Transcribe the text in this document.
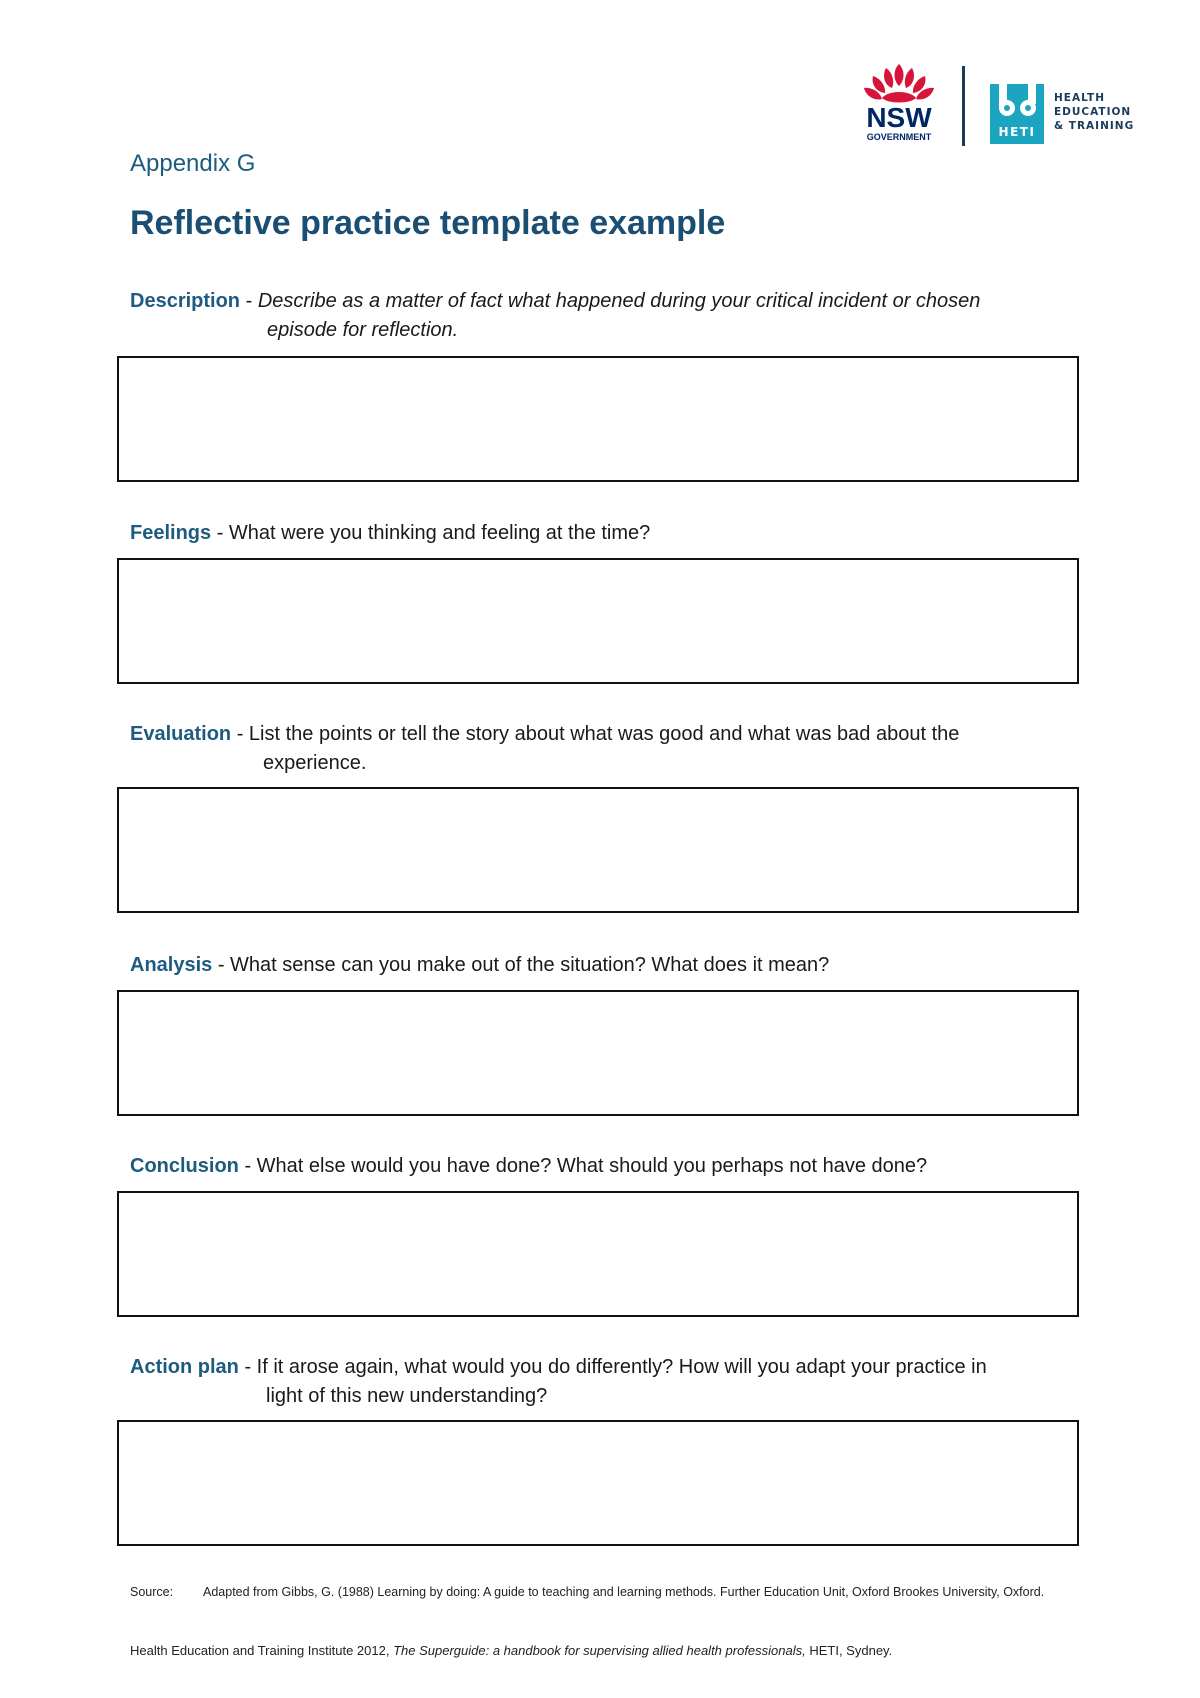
NSW
GOVERNMENT	HETI
HEALTH
EDUCATION
& TRAINING
Appendix G
Reflective practice template example
Description - Describe as a matter of fact what happened during your critical incident or chosen
episode for reflection.
Feelings - What were you thinking and feeling at the time?
Evaluation - List the points or tell the story about what was good and what was bad about the
experience.
Analysis - What sense can you make out of the situation? What does it mean?
Conclusion - What else would you have done? What should you perhaps not have done?
Action plan - If it arose again, what would you do differently? How will you adapt your practice in
light of this new understanding?
Source: Adapted from Gibbs, G. (1988) Learning by doing: A guide to teaching and learning methods. Further Education Unit, Oxford Brookes University, Oxford.
Health Education and Training Institute 2012, The Superguide: a handbook for supervising allied health professionals, HETI, Sydney.
